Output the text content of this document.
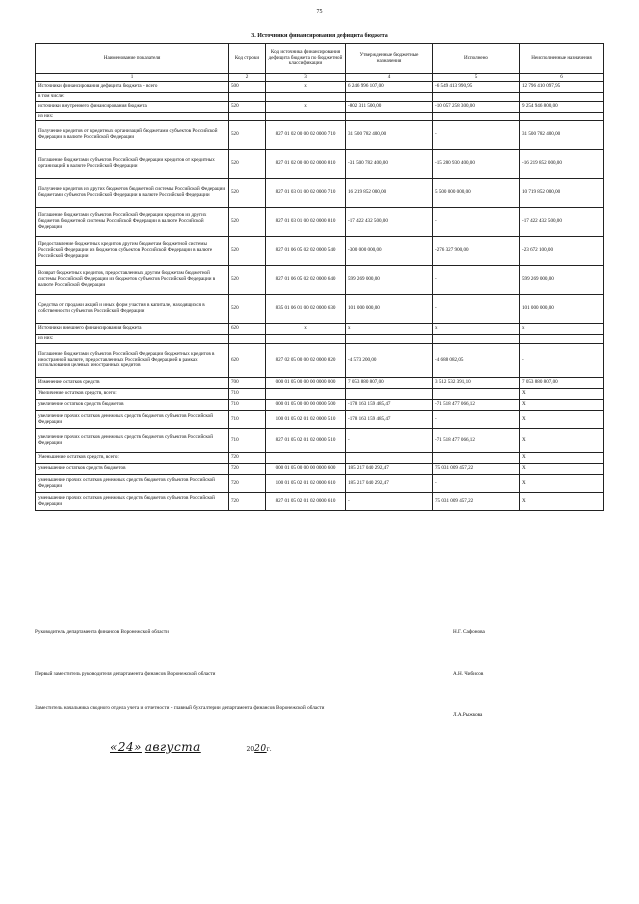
75
3. Источники финансирования дефицита бюджета
Наименование показателя	Код строки	Код источника финансирования дефицита бюджета по бюджетной классификации	Утвержденные бюджетные назначения	Исполнено	Неисполненные назначения
1	2	3	4	5	6
Источники финансирования дефицита бюджета - всего	500	x	6 246 996 107,00	-6 549 413 990,95	12 796 410 097,95
в том числе:					
источники внутреннего финансирования бюджета	520	x	-802 311 500,00	-10 057 258 300,00	9 254 946 800,00
из них:					
Получение кредитов от кредитных организаций бюджетами субъектов Российской Федерации в валюте Российской Федерации	520	827 01 02 00 00 02 0000 710	31 500 782 400,00	-	31 500 782 400,00
Погашение бюджетами субъектов Российской Федерации кредитов от кредитных организаций в валюте Российской Федерации	520	827 01 02 00 00 02 0000 810	-31 500 782 400,00	-15 280 930 400,00	-16 219 852 000,00
Получение кредитов из других бюджетов бюджетной системы Российской Федерации бюджетами субъектов Российской Федерации в валюте Российской Федерации	520	827 01 03 01 00 02 0000 710	16 219 852 000,00	5 500 000 000,00	10 719 852 000,00
Погашение бюджетами субъектов Российской Федерации кредитов из других бюджетов бюджетной системы Российской Федерации в валюте Российской Федерации	520	827 01 03 01 00 02 0000 810	-17 422 432 500,00	-	-17 422 432 500,00
Предоставление бюджетных кредитов другим бюджетам бюджетной системы Российской Федерации из бюджетов субъектов Российской Федерации в валюте Российской Федерации	520	827 01 06 05 02 02 0000 540	-300 000 000,00	-276 327 900,00	-23 672 100,00
Возврат бюджетных кредитов, предоставленных другим бюджетам бюджетной системы Российской Федерации из бюджетов субъектов Российской Федерации в валюте Российской Федерации	520	827 01 06 05 02 02 0000 640	599 269 000,00	-	599 269 000,00
Средства от продажи акций и иных форм участия в капитале, находящихся в собственности субъектов Российской Федерации	520	835 01 06 01 00 02 0000 630	101 000 000,00	-	101 000 000,00
Источники внешнего финансирования бюджета	620	x	x	x	x
из них:					
Погашение бюджетами субъектов Российской Федерации бюджетных кредитов в иностранной валюте, предоставленных Российской Федерацией в рамках использования целевых иностранных кредитов	620	827 02 05 00 00 02 0000 820	-4 573 200,00	-4 688 082,05	-
Изменение остатков средств	700	000 01 05 00 00 00 0000 000	7 053 880 807,00	3 512 532 391,10	7 053 880 807,00
Увеличение остатков средств, всего:	710				X
увеличение остатков средств бюджетов	710	000 01 05 00 00 00 0000 500	-178 163 159 485,47	-71 518 477 066,12	X
увеличение прочих остатков денежных средств бюджетов субъектов Российской Федерации	710	100 01 05 02 01 02 0000 510	-178 163 159 485,47	-	X
увеличение прочих остатков денежных средств бюджетов субъектов Российской Федерации	710	827 01 05 02 01 02 0000 510	-	-71 518 477 066,12	X
Уменьшение остатков средств, всего:	720				X
уменьшение остатков средств бюджетов	720	000 01 05 00 00 00 0000 600	185 217 040 292,47	75 031 009 457,22	X
уменьшение прочих остатков денежных средств бюджетов субъектов Российской Федерации	720	100 01 05 02 01 02 0000 610	185 217 040 292,47	-	X
уменьшение прочих остатков денежных средств бюджетов субъектов Российской Федерации	720	827 01 05 02 01 02 0000 610	-	75 031 009 457,22	X
Руководитель департамента финансов Воронежской области	Н.Г. Сафонова
Первый заместитель руководителя департамента финансов Воронежской области	А.Н. Чибисов
Заместитель начальника сводного отдела учета и отчетности - главный бухгалтерии департамента финансов Воронежской области
Л.А.Рыжкова
«24» августа	2020г.
